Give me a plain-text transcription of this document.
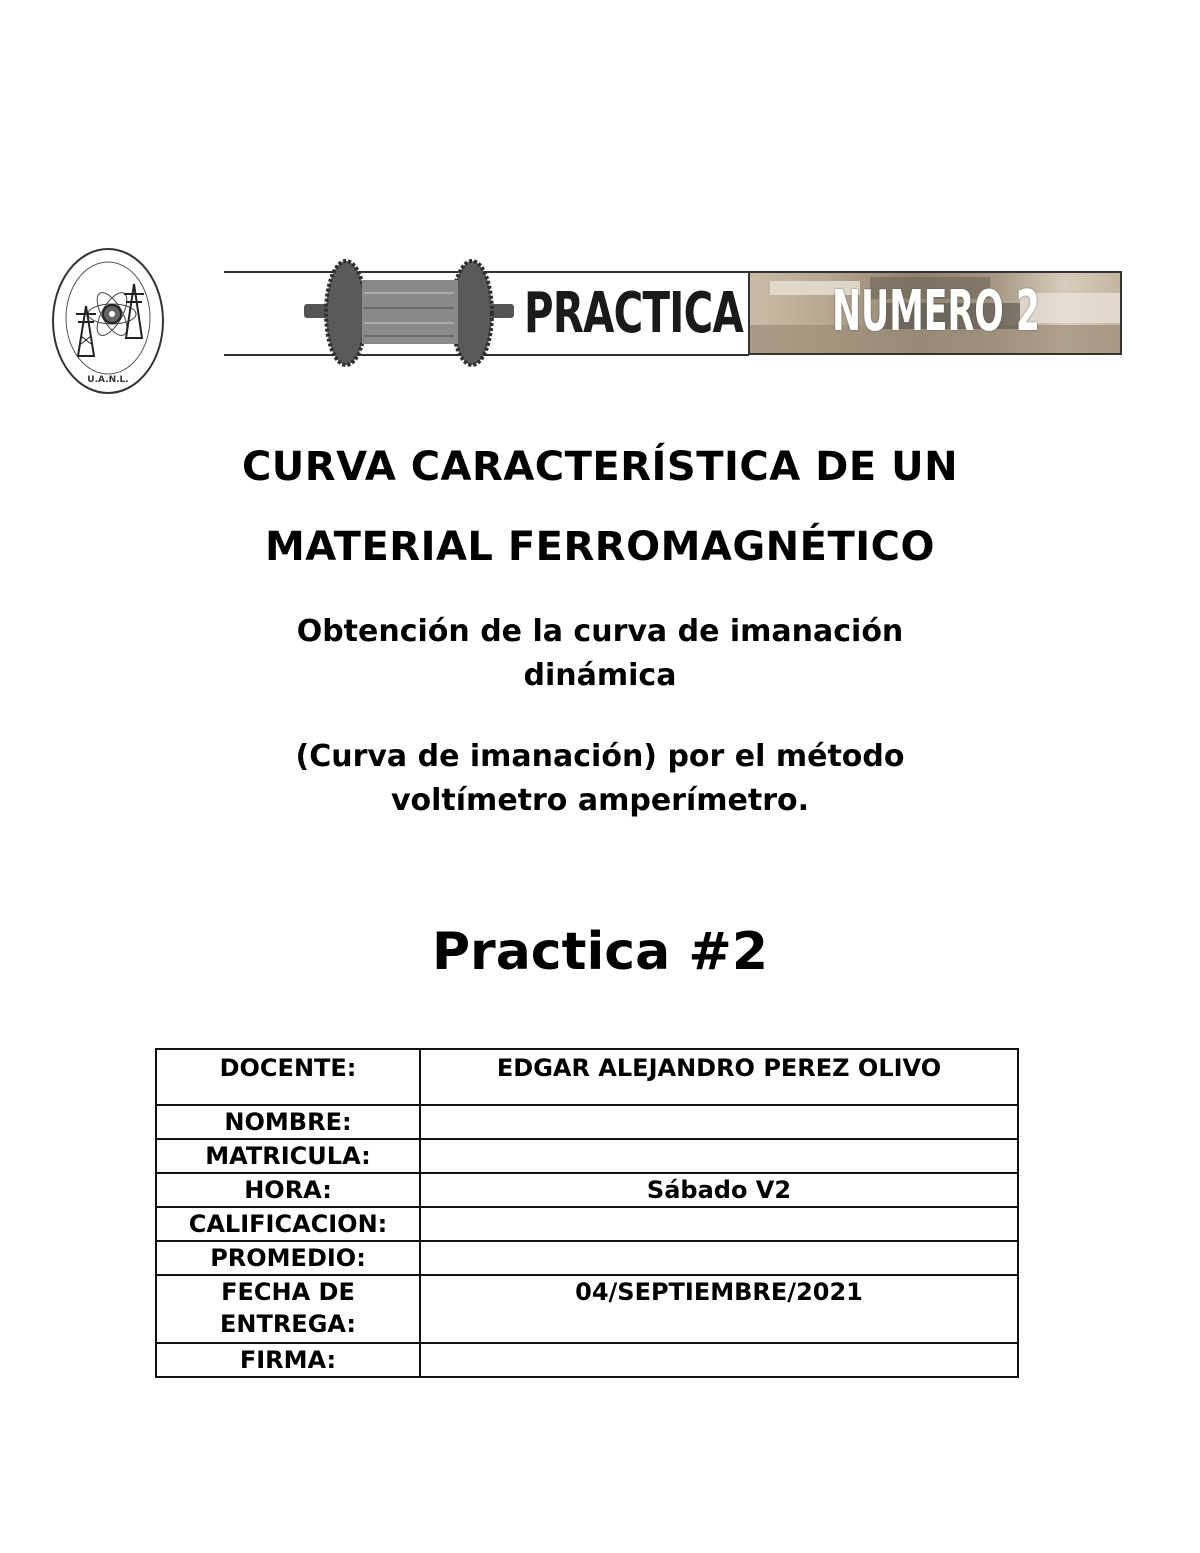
U.A.N.L.
PRACTICA NUMERO 2
CURVA CARACTERÍSTICA DE UN
MATERIAL FERROMAGNÉTICO
Obtención de la curva de imanación
dinámica
(Curva de imanación) por el método
voltímetro amperímetro.
Practica #2
DOCENTE:	EDGAR ALEJANDRO PEREZ OLIVO
NOMBRE:	
MATRICULA:	
HORA:	Sábado V2
CALIFICACION:	
PROMEDIO:	

FECHA DE
ENTREGA:	04/SEPTIEMBRE/2021
FIRMA:	
